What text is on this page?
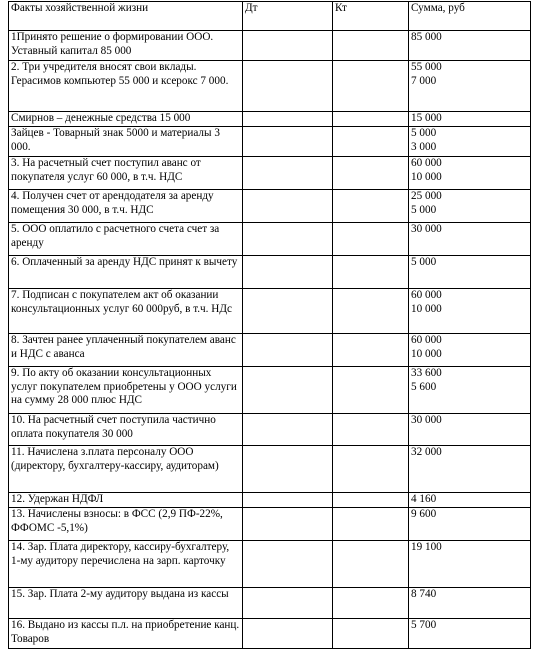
Факты хозяйственной жизни	Дт	Кт	Сумма, руб
1Принято решение о формировании ООО. Уставный капитал 85 000			85 000
2. Три учредителя вносят свои вклады. Герасимов компьютер 55 000 и ксерокс 7 000.			55 000
7 000
Смирнов – денежные средства 15 000			15 000
Зайцев - Товарный знак 5000 и материалы 3 000.			5 000
3 000
3. На расчетный счет поступил аванс от покупателя услуг 60 000, в т.ч. НДС			60 000
10 000
4. Получен счет от арендодателя за аренду помещения 30 000, в т.ч. НДС			25 000
5 000
5. ООО оплатило с расчетного счета счет за аренду			30 000
6. Оплаченный за аренду НДС принят к вычету			5 000
7. Подписан с покупателем акт об оказании консультационных услуг 60 000руб, в т.ч. НДс			60 000
10 000
8. Зачтен ранее уплаченный покупателем аванс и НДС с аванса			60 000
10 000
9. По акту об оказании консультационных услуг покупателем приобретены у ООО услуги на сумму 28 000 плюс НДС			33 600
5 600
10. На расчетный счет поступила частично оплата покупателя 30 000			30 000
11. Начислена з.плата персоналу ООО (директору, бухгалтеру-кассиру, аудиторам)			32 000
12. Удержан НДФЛ			4 160
13. Начислены взносы: в ФСС (2,9 ПФ-22%, ФФОМС -5,1%)			9 600
14. Зар. Плата директору, кассиру-бухгалтеру, 1-му аудитору перечислена на зарп. карточку			19 100
15. Зар. Плата 2-му аудитору выдана из кассы			8 740
16. Выдано из кассы п.л. на приобретение канц. Товаров			5 700
